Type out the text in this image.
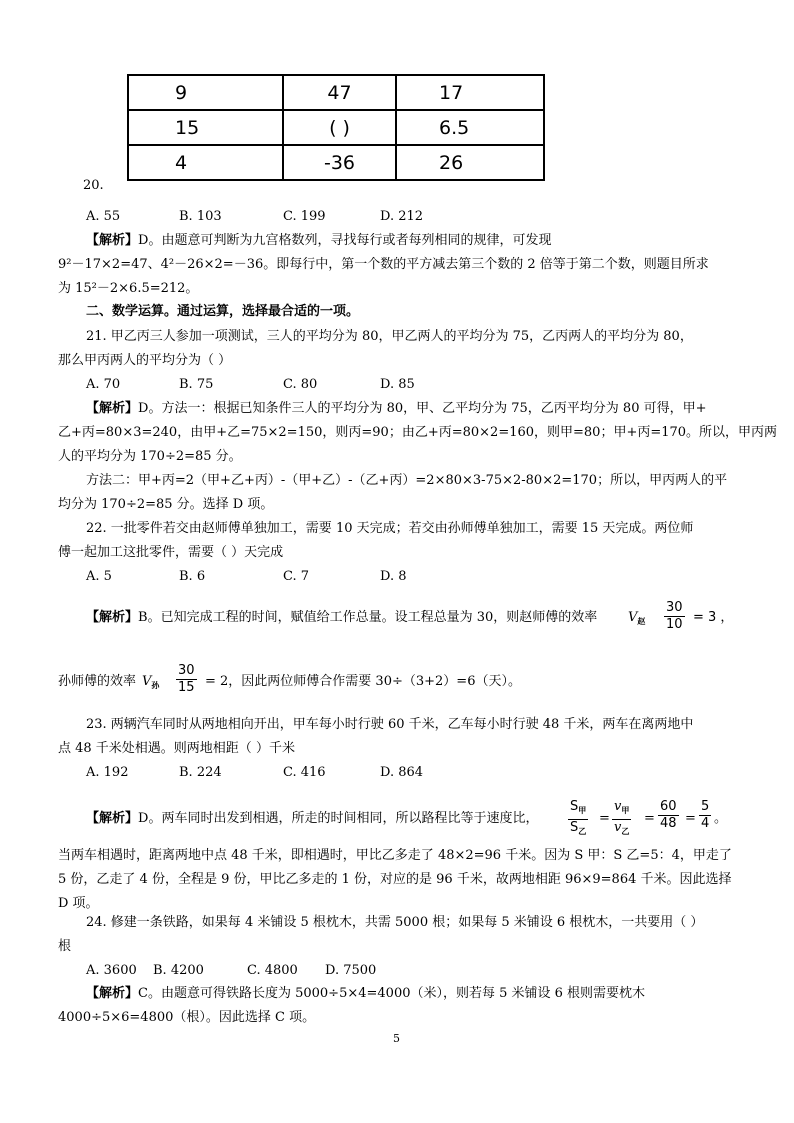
9	47	17
15	( )	6.5
4	-36	26
20.
A. 55	B. 103	C. 199	D. 212
【解析】D。由题意可判断为九宫格数列，寻找每行或者每列相同的规律，可发现
9²－17×2=47、4²－26×2=－36。即每行中，第一个数的平方减去第三个数的 2 倍等于第二个数，则题目所求
为 15²－2×6.5=212。
二、数学运算。通过运算，选择最合适的一项。
21. 甲乙丙三人参加一项测试，三人的平均分为 80，甲乙两人的平均分为 75，乙丙两人的平均分为 80，
那么甲丙两人的平均分为（ ）
A. 70	B. 75	C. 80	D. 85
【解析】D。方法一：根据已知条件三人的平均分为 80，甲、乙平均分为 75，乙丙平均分为 80 可得，甲+
乙+丙=80×3=240，由甲+乙=75×2=150，则丙=90；由乙+丙=80×2=160，则甲=80；甲+丙=170。所以，甲丙两
人的平均分为 170÷2=85 分。
方法二：甲+丙=2（甲+乙+丙）-（甲+乙）-（乙+丙）=2×80×3-75×2-80×2=170；所以，甲丙两人的平
均分为 170÷2=85 分。选择 D 项。
22. 一批零件若交由赵师傅单独加工，需要 10 天完成；若交由孙师傅单独加工，需要 15 天完成。两位师
傅一起加工这批零件，需要（ ）天完成
A. 5	B. 6	C. 7	D. 8
【解析】B。已知完成工程的时间，赋值给工作总量。设工程总量为 30，则赵师傅的效率 $V_赵 \frac{30}{10} = 3$ ，
孙师傅的效率 $V_孙 \frac{30}{15} = 2$，因此两位师傅合作需要 30÷（3+2）=6（天）。
23. 两辆汽车同时从两地相向开出，甲车每小时行驶 60 千米，乙车每小时行驶 48 千米，两车在离两地中
点 48 千米处相遇。则两地相距（ ）千米
A. 192	B. 224	C. 416	D. 864
【解析】D。两车同时出发到相遇，所走的时间相同，所以路程比等于速度比，
$S_甲$
$S_乙$
=
$v_甲$
$v_乙$
= $\frac{60}{48} = \frac{5}{4}$ 。
当两车相遇时，距离两地中点 48 千米，即相遇时，甲比乙多走了 48×2=96 千米。因为 S 甲：S 乙=5：4，甲走了
5 份，乙走了 4 份，全程是 9 份，甲比乙多走的 1 份，对应的是 96 千米，故两地相距 96×9=864 千米。因此选择
D 项。
24. 修建一条铁路，如果每 4 米铺设 5 根枕木，共需 5000 根；如果每 5 米铺设 6 根枕木，一共要用（ ）
根
A. 3600 B. 4200	C. 4800 D. 7500
【解析】C。由题意可得铁路长度为 5000÷5×4=4000（米），则若每 5 米铺设 6 根则需要枕木
4000÷5×6=4800（根）。因此选择 C 项。
5
